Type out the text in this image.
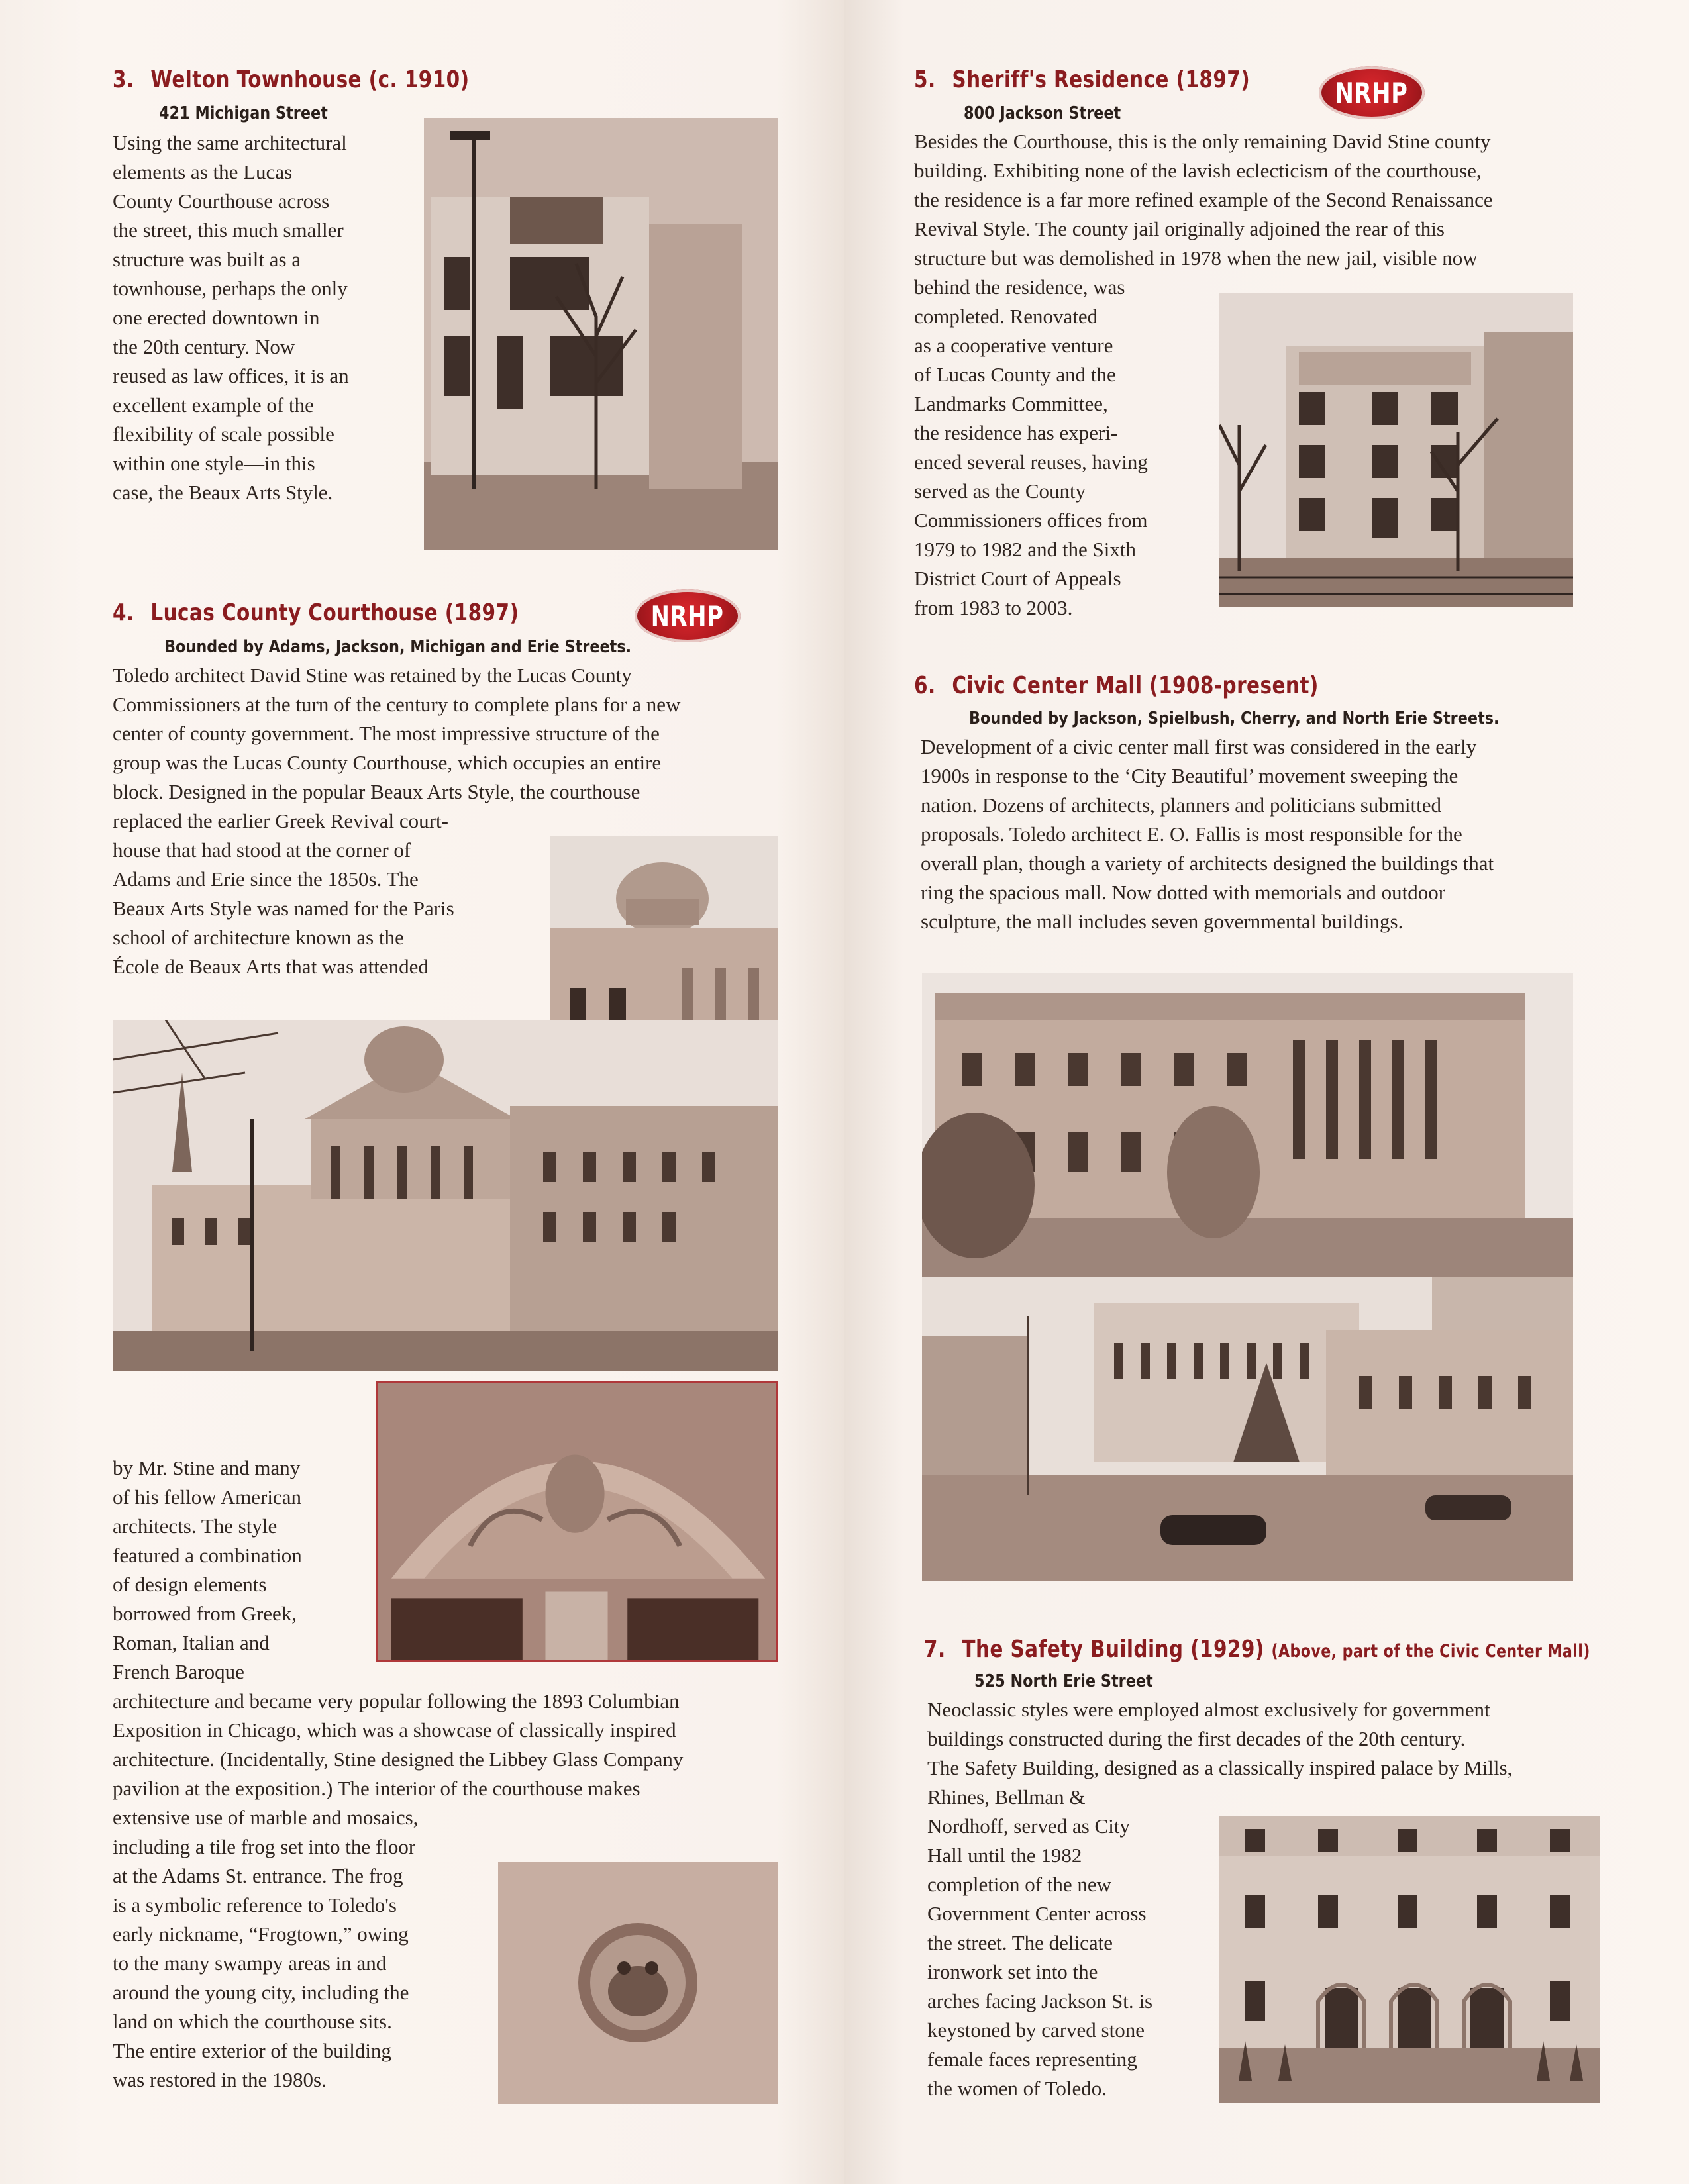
3. Welton Townhouse (c. 1910)
421 Michigan Street
Using the same architectural
elements as the Lucas
County Courthouse across
the street, this much smaller
structure was built as a
townhouse, perhaps the only
one erected downtown in
the 20th century. Now
reused as law offices, it is an
excellent example of the
flexibility of scale possible
within one style—in this
case, the Beaux Arts Style.
4. Lucas County Courthouse (1897)	NRHP
Bounded by Adams, Jackson, Michigan and Erie Streets.
Toledo architect David Stine was retained by the Lucas County
Commissioners at the turn of the century to complete plans for a new
center of county government. The most impressive structure of the
group was the Lucas County Courthouse, which occupies an entire
block. Designed in the popular Beaux Arts Style, the courthouse
replaced the earlier Greek Revival court-
house that had stood at the corner of
Adams and Erie since the 1850s. The
Beaux Arts Style was named for the Paris
school of architecture known as the
École de Beaux Arts that was attended
by Mr. Stine and many
of his fellow American
architects. The style
featured a combination
of design elements
borrowed from Greek,
Roman, Italian and
French Baroque
architecture and became very popular following the 1893 Columbian
Exposition in Chicago, which was a showcase of classically inspired
architecture. (Incidentally, Stine designed the Libbey Glass Company
pavilion at the exposition.) The interior of the courthouse makes
extensive use of marble and mosaics,
including a tile frog set into the floor
at the Adams St. entrance. The frog
is a symbolic reference to Toledo's
early nickname, “Frogtown,” owing
to the many swampy areas in and
around the young city, including the
land on which the courthouse sits.
The entire exterior of the building
was restored in the 1980s.
5. Sheriff's Residence (1897)	NRHP
800 Jackson Street
Besides the Courthouse, this is the only remaining David Stine county
building. Exhibiting none of the lavish eclecticism of the courthouse,
the residence is a far more refined example of the Second Renaissance
Revival Style. The county jail originally adjoined the rear of this
structure but was demolished in 1978 when the new jail, visible now
behind the residence, was
completed. Renovated
as a cooperative venture
of Lucas County and the
Landmarks Committee,
the residence has experi-
enced several reuses, having
served as the County
Commissioners offices from
1979 to 1982 and the Sixth
District Court of Appeals
from 1983 to 2003.
6. Civic Center Mall (1908-present)
Bounded by Jackson, Spielbush, Cherry, and North Erie Streets.
Development of a civic center mall first was considered in the early
1900s in response to the ‘City Beautiful’ movement sweeping the
nation. Dozens of architects, planners and politicians submitted
proposals. Toledo architect E. O. Fallis is most responsible for the
overall plan, though a variety of architects designed the buildings that
ring the spacious mall. Now dotted with memorials and outdoor
sculpture, the mall includes seven governmental buildings.
7. The Safety Building (1929) (Above, part of the Civic Center Mall)
525 North Erie Street
Neoclassic styles were employed almost exclusively for government
buildings constructed during the first decades of the 20th century.
The Safety Building, designed as a classically inspired palace by Mills,
Rhines, Bellman &
Nordhoff, served as City
Hall until the 1982
completion of the new
Government Center across
the street. The delicate
ironwork set into the
arches facing Jackson St. is
keystoned by carved stone
female faces representing
the women of Toledo.
